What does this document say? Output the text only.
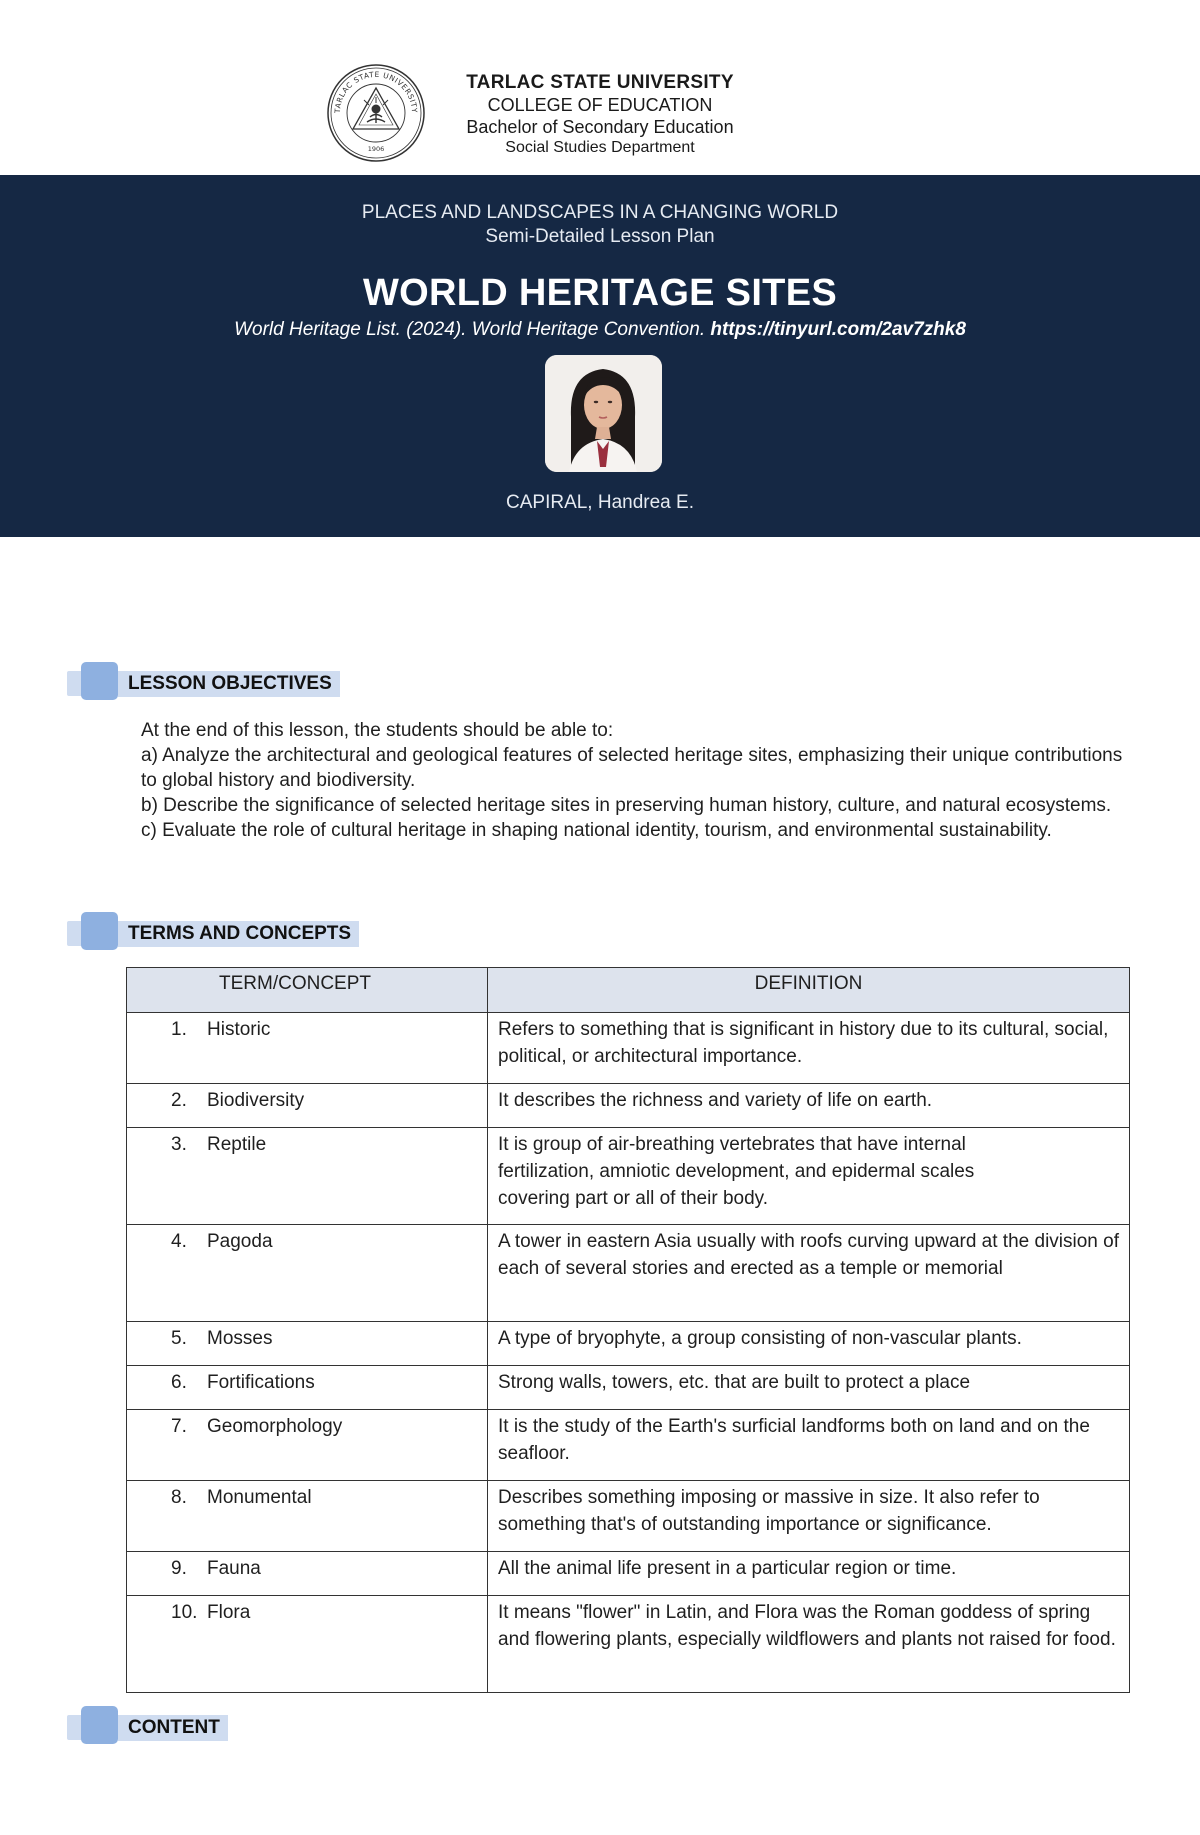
TARLAC STATE UNIVERSITY
1906
TARLAC STATE UNIVERSITY
COLLEGE OF EDUCATION
Bachelor of Secondary Education
Social Studies Department
PLACES AND LANDSCAPES IN A CHANGING WORLD
Semi-Detailed Lesson Plan
WORLD HERITAGE SITES
World Heritage List. (2024). World Heritage Convention. https://tinyurl.com/2av7zhk8
CAPIRAL, Handrea E.
LESSON OBJECTIVES
At the end of this lesson, the students should be able to:
a) Analyze the architectural and geological features of selected heritage sites, emphasizing their unique contributions to global history and biodiversity.
b) Describe the significance of selected heritage sites in preserving human history, culture, and natural ecosystems.
c) Evaluate the role of cultural heritage in shaping national identity, tourism, and environmental sustainability.
TERMS AND CONCEPTS
TERM/CONCEPT	DEFINITION
1. Historic	Refers to something that is significant in history due to its cultural, social, political, or architectural importance.
2. Biodiversity	It describes the richness and variety of life on earth.
3. Reptile	It is group of air-breathing vertebrates that have internal fertilization, amniotic development, and epidermal scales covering part or all of their body.
4. Pagoda	A tower in eastern Asia usually with roofs curving upward at the division of each of several stories and erected as a temple or memorial
5. Mosses	A type of bryophyte, a group consisting of non-vascular plants.
6. Fortifications	Strong walls, towers, etc. that are built to protect a place
7. Geomorphology	It is the study of the Earth's surficial landforms both on land and on the seafloor.
8. Monumental	Describes something imposing or massive in size. It also refer to something that's of outstanding importance or significance.
9. Fauna	All the animal life present in a particular region or time.
10. Flora	It means "flower" in Latin, and Flora was the Roman goddess of spring and flowering plants, especially wildflowers and plants not raised for food.
CONTENT
